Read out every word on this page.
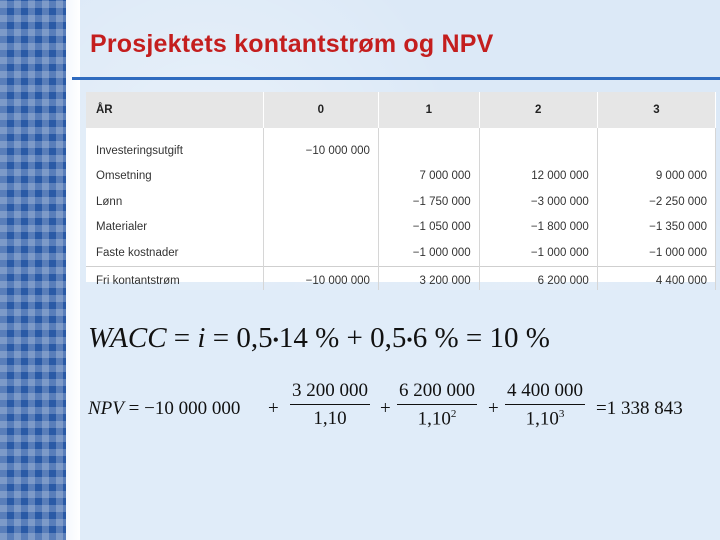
Prosjektets kontantstrøm og NPV
ÅR	0	1	2	3

Investeringsutgift	−10 000 000			
Omsetning		7 000 000	12 000 000	9 000 000
Lønn		−1 750 000	−3 000 000	−2 250 000
Materialer		−1 050 000	−1 800 000	−1 350 000
Faste kostnader		−1 000 000	−1 000 000	−1 000 000
Fri kontantstrøm	−10 000 000	3 200 000	6 200 000	4 400 000
WACC = i = 0,5•14 % + 0,5•6 % = 10 %
NPV = −10 000 $000 + \frac{3 200 000}{1,10} + \frac{6 200 000}{1,10^2} + \frac{4 400 000}{1,10^3} =1$ 338 843
